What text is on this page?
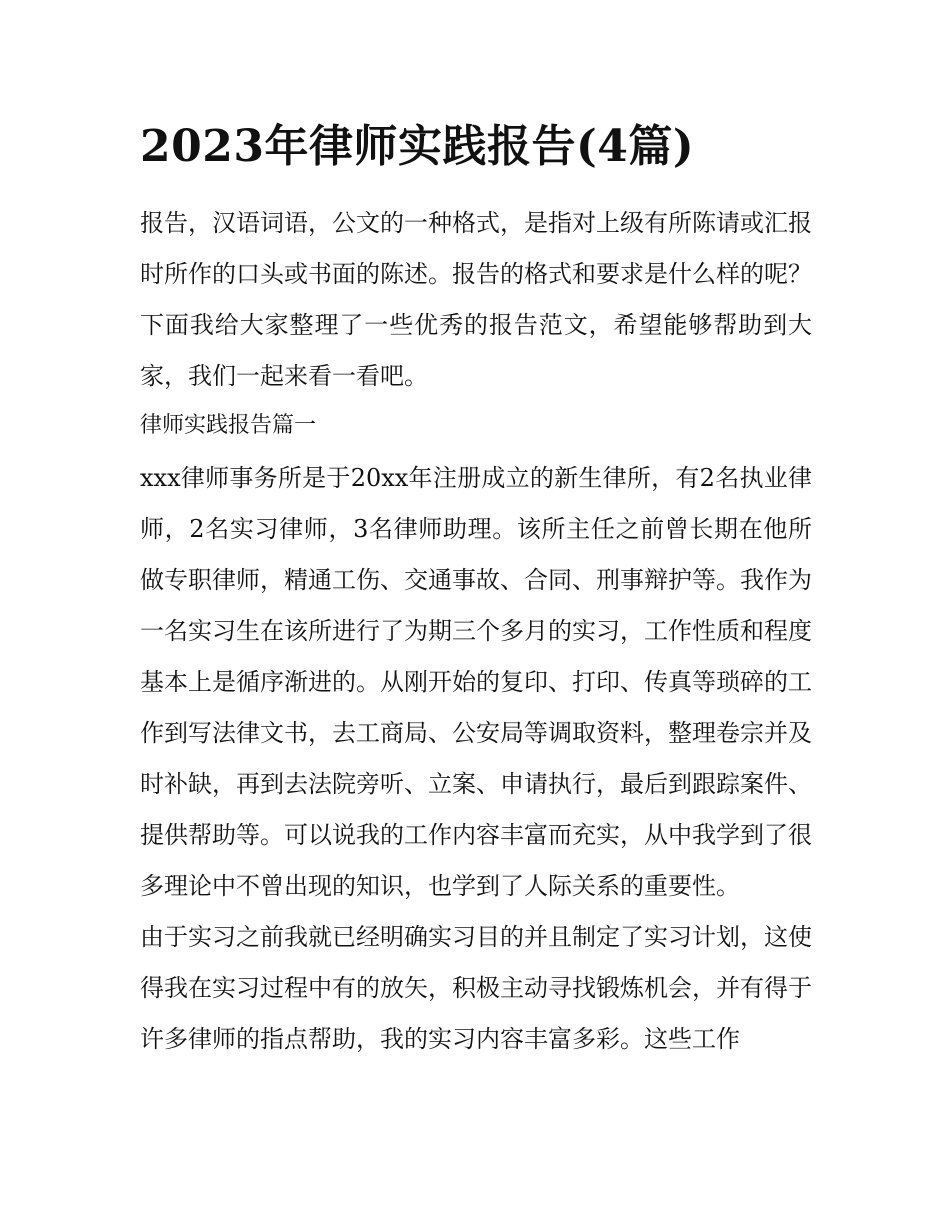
2023年律师实践报告(4篇)

报告，汉语词语，公文的一种格式，是指对上级有所陈请或汇报时所作的口头或书面的陈述。报告的格式和要求是什么样的呢？下面我给大家整理了一些优秀的报告范文，希望能够帮助到大家，我们一起来看一看吧。

律师实践报告篇一

xxx律师事务所是于20xx年注册成立的新生律所，有2名执业律师，2名实习律师，3名律师助理。该所主任之前曾长期在他所做专职律师，精通工伤、交通事故、合同、刑事辩护等。我作为一名实习生在该所进行了为期三个多月的实习，工作性质和程度基本上是循序渐进的。从刚开始的复印、打印、传真等琐碎的工作到写法律文书，去工商局、公安局等调取资料，整理卷宗并及时补缺，再到去法院旁听、立案、申请执行，最后到跟踪案件、提供帮助等。可以说我的工作内容丰富而充实，从中我学到了很多理论中不曾出现的知识，也学到了人际关系的重要性。

由于实习之前我就已经明确实习目的并且制定了实习计划，这使得我在实习过程中有的放矢，积极主动寻找锻炼机会，并有得于许多律师的指点帮助，我的实习内容丰富多彩。这些工作
